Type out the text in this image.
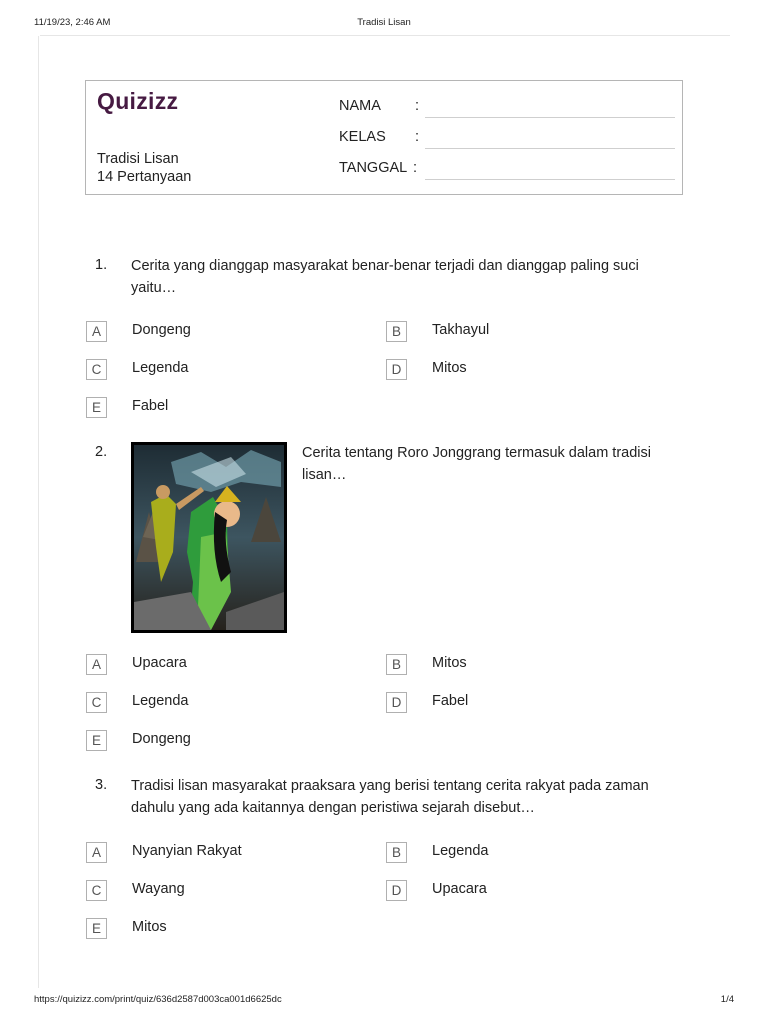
11/19/23, 2:46 AM	Tradisi Lisan
Quizizz
Tradisi Lisan
14 Pertanyaan
NAMA :
KELAS :
TANGGAL :
1. Cerita yang dianggap masyarakat benar-benar terjadi dan dianggap paling suci yaitu…
A	Dongeng	B	Takhayul
C	Legenda	D	Mitos
E	Fabel
2.	Cerita tentang Roro Jonggrang termasuk dalam tradisi lisan…
A	Upacara	B	Mitos
C	Legenda	D	Fabel
E	Dongeng
3. Tradisi lisan masyarakat praaksara yang berisi tentang cerita rakyat pada zaman dahulu yang ada kaitannya dengan peristiwa sejarah disebut…
A	Nyanyian Rakyat	B	Legenda
C	Wayang	D	Upacara
E	Mitos
https://quizizz.com/print/quiz/636d2587d003ca001d6625dc	1/4
